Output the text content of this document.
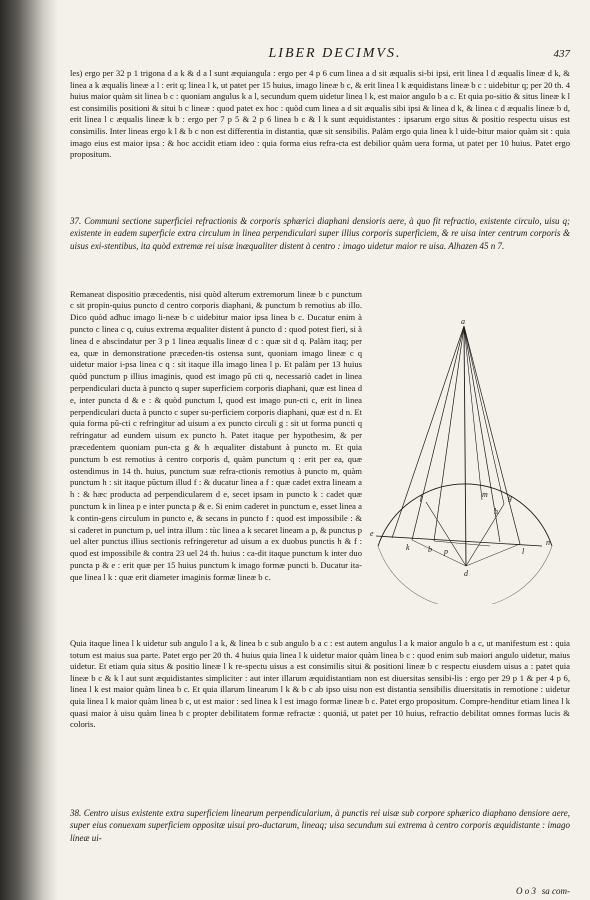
LIBER DECIMVS.	437

les) ergo per 32 p 1 trigona d a k & d a l sunt æquiangula : ergo per 4 p 6 cum linea a d sit æqualis si-bi ipsi, erit linea l d æqualis lineæ d k, & linea a k æqualis lineæ a l : erit q; linea l k, ut patet per 15 huius, imago lineæ b c, & erit linea l k æquidistans lineæ b c : uidebitur q; per 20 th. 4 huius maior quàm sit linea b c : quoniam angulus k a l, secundum quem uidetur linea l k, est maior angulo b a c. Et quia po-sitio & situs lineæ k l est consimilis positioni & situi b c lineæ : quod patet ex hoc : quòd cum linea a d sit æqualis sibi ipsi & linea d k, & linea c d æqualis lineæ b d, erit linea l c æqualis lineæ k b : ergo per 7 p 5 & 2 p 6 linea b c & l k sunt æquidistantes : ipsarum ergo situs & positio respectu uisus est consimilis. Inter lineas ergo k l & b c non est differentia in distantia, quæ sit sensibilis. Palàm ergo quia linea k l uide-bitur maior quàm sit : quia imago eius est maior ipsa : & hoc accidit etiam ideo : quia forma eius refra-cta est debilior quàm uera forma, ut patet per 10 huius. Patet ergo propositum.

37. Communi sectione superficiei refractionis & corporis sphærici diaphani densioris aere, à quo fit refractio, existente circulo, uisu q; existente in eadem superficie extra circulum in linea perpendiculari super illius corporis superficiem, & re uisa inter centrum corporis & uisus exi-stentibus, ita quòd extremæ rei uisæ inæqualiter distent à centro : imago uidetur maior re uisa. Alhazen 45 n 7.

Remaneat dispositio præcedentis, nisi quòd alterum extremorum lineæ b c punctum c sit propin-quius puncto d centro corporis diaphani, & punctum b remotius ab illo. Dico quòd adhuc imago li-neæ b c uidebitur maior ipsa linea b c. Ducatur enim à puncto c linea c q, cuius extrema æqualiter distent à puncto d : quod potest fieri, si à linea d e abscindatur per 3 p 1 linea æqualis lineæ d c : quæ sit d q. Palàm itaq; per ea, quæ in demonstratione præceden-tis ostensa sunt, quoniam imago lineæ c q uidetur maior i-psa linea c q : sit itaque illa imago linea l p. Et palàm per 13 huius quòd punctum p illius imaginis, quod est imago pũ cti q, necessariò cadet in linea perpendiculari ducta à puncto q super superficiem corporis diaphani, quæ est linea d e, inter puncta d & e : & quòd punctum l, quod est imago pun-cti c, erit in linea perpendiculari ducta à puncto c super su-perficiem corporis diaphani, quæ est d n. Et quia forma pũ-cti c refringitur ad uisum a ex puncto circuli g : sit ut forma puncti q refringatur ad eundem uisum ex puncto h. Patet itaque per hypothesim, & per præcedentem quoniam pun-cta g & h æqualiter distabunt à puncto m. Et quia punctum b est remotius à centro corporis d, quàm punctum q : erit per ea, quæ ostendimus in 14 th. huius, punctum suæ refra-ctionis remotius à puncto m, quàm punctum h : sit itaque pũctum illud f : & ducatur linea a f : quæ cadet extra lineam a h : & hæc producta ad perpendicularem d e, secet ipsam in puncto k : cadet quæ punctum k in linea p e inter puncta p & e. Si enim caderet in punctum e, esset linea a k contin-gens circulum in puncto e, & secans in puncto f : quod est impossibile : & si caderet in punctum p, uel intra illum : tùc linea a k secaret lineam a p, & punctus p uel alter punctus illius sectionis refringeretur ad uisum a ex duobus punctis h & f : quod est impossibile & contra 23 uel 24 th. huius : ca-dit itaque punctum k inter duo puncta p & e : erit quæ per 15 huius punctum k imago formæ puncti b. Ducatur ita-que linea l k : quæ erit diameter imaginis formæ lineæ b c.

a
e
n
k b p
d
f
l
m	g
h

Quia itaque linea l k uidetur sub angulo l a k, & linea b c sub angulo b a c : est autem angulus l a k maior angulo b a c, ut manifestum est : quia totum est maius sua parte. Patet ergo per 20 th. 4 huius quia linea l k uidetur maior quàm linea b c : quod enim sub maiori angulo uidetur, maius uidetur. Et etiam quia situs & positio lineæ l k re-spectu uisus a est consimilis situi & positioni lineæ b c respectu eiusdem uisus a : patet quia lineæ b c & k l aut sunt æquidistantes simpliciter : aut inter illarum æquidistantiam non est diuersitas sensibi-lis : ergo per 29 p 1 & per 4 p 6, linea l k est maior quàm linea b c. Et quia illarum linearum l k & b c ab ipso uisu non est distantia sensibilis diuersitatis in remotione : uidetur quia linea l k maior quàm linea b c, ut est maior : sed linea k l est imago formæ lineæ b c. Patet ergo propositum. Compre-henditur etiam linea l k quasi maior à uisu quàm linea b c propter debilitatem formæ refractæ : quoniá, ut patet per 10 huius, refractio debilitat omnes formas lucis & coloris.

38. Centro uisus existente extra superficiem linearum perpendicularium, à punctis rei uisæ sub corpore sphærico diaphano densiore aere, super eius conuexam superficiem oppositæ uisui pro-ductarum, lineaq; uisa secundum sui extrema à centro corporis æquidistante : imago lineæ ui-

O o 3 sa com-
